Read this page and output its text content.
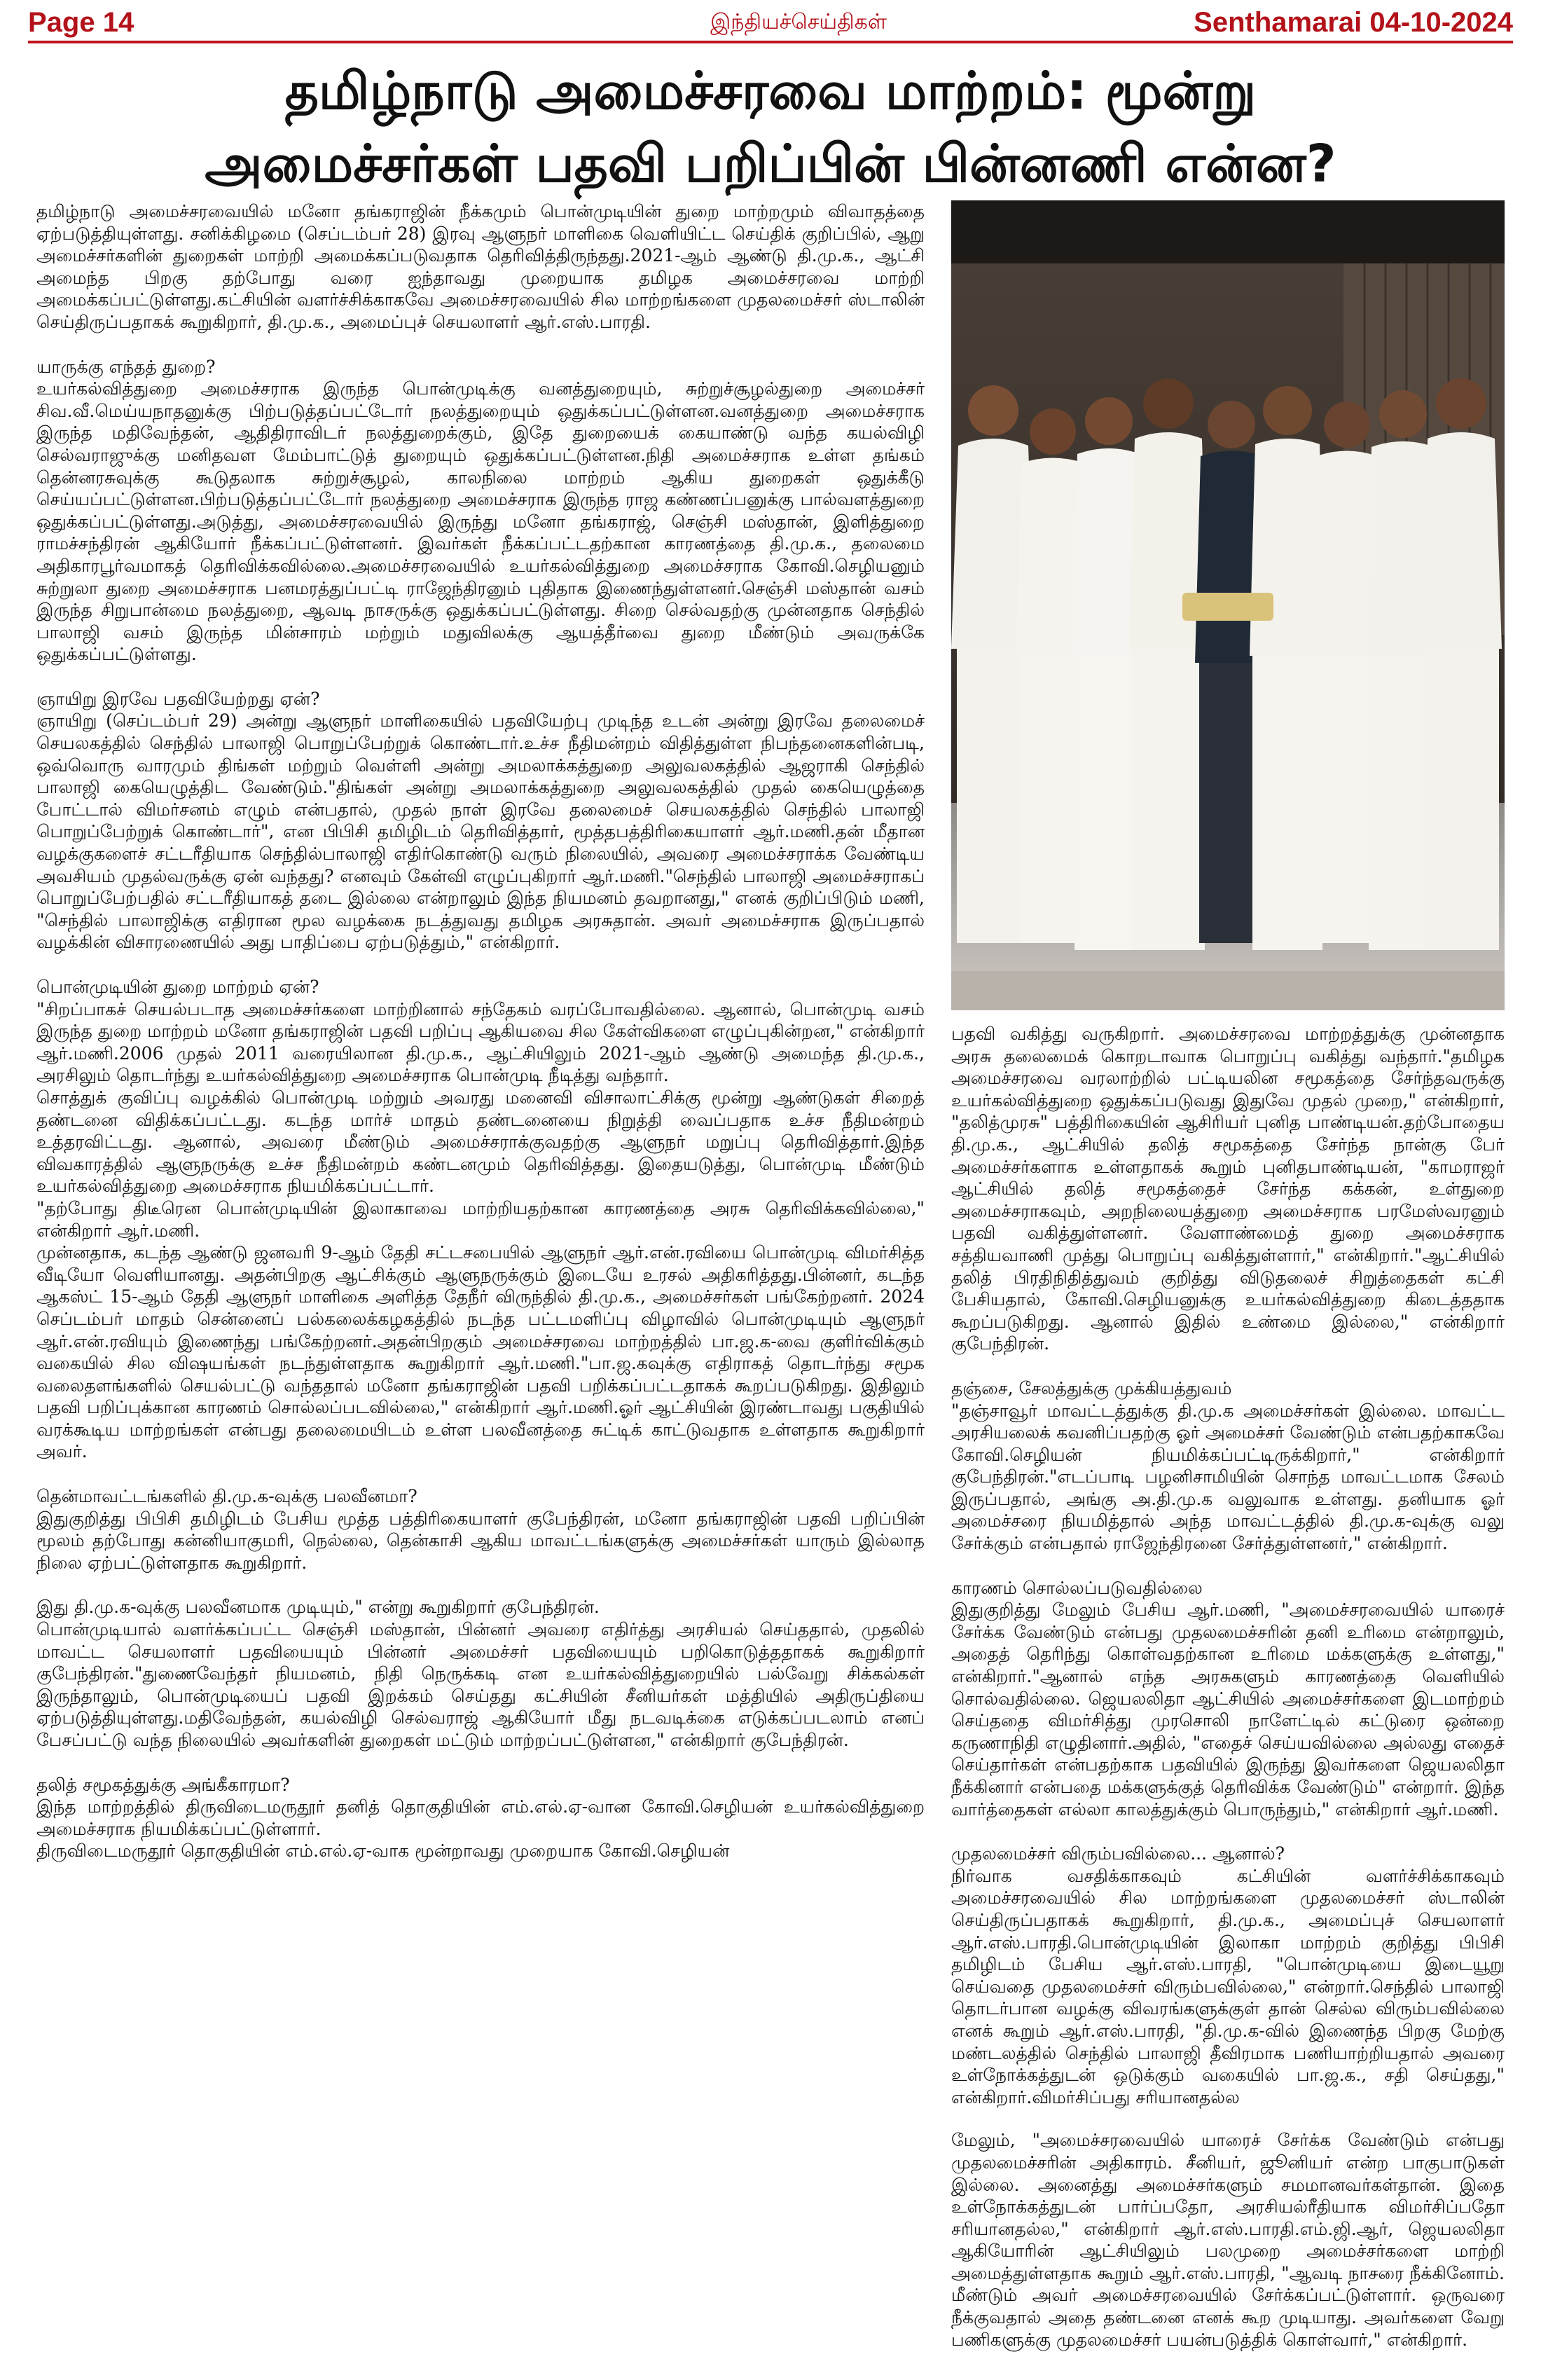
Page 14	இந்தியச்செய்திகள்	Senthamarai 04-10-2024
தமிழ்நாடு அமைச்சரவை மாற்றம்: மூன்று
அமைச்சர்கள் பதவி பறிப்பின் பின்னணி என்ன?

தமிழ்நாடு அமைச்சரவையில் மனோ தங்கராஜின் நீக்கமும் பொன்முடியின் துறை மாற்றமும் விவாதத்தை ஏற்படுத்தியுள்ளது. சனிக்கிழமை (செப்டம்பர் 28) இரவு ஆளுநர் மாளிகை வெளியிட்ட செய்திக் குறிப்பில், ஆறு அமைச்சர்களின் துறைகள் மாற்றி அமைக்கப்படுவதாக தெரிவித்திருந்தது.2021-ஆம் ஆண்டு தி.மு.க., ஆட்சி அமைந்த பிறகு தற்போது வரை ஐந்தாவது முறையாக தமிழக அமைச்சரவை மாற்றி அமைக்கப்பட்டுள்ளது.கட்சியின் வளர்ச்சிக்காகவே அமைச்சரவையில் சில மாற்றங்களை முதலமைச்சர் ஸ்டாலின் செய்திருப்பதாகக் கூறுகிறார், தி.மு.க., அமைப்புச் செயலாளர் ஆர்.எஸ்.பாரதி.

யாருக்கு எந்தத் துறை?

உயர்கல்வித்துறை அமைச்சராக இருந்த பொன்முடிக்கு வனத்துறையும், சுற்றுச்சூழல்துறை அமைச்சர் சிவ.வீ.மெய்யநாதனுக்கு பிற்படுத்தப்பட்டோர் நலத்துறையும் ஒதுக்கப்பட்டுள்ளன.வனத்துறை அமைச்சராக இருந்த மதிவேந்தன், ஆதிதிராவிடர் நலத்துறைக்கும், இதே துறையைக் கையாண்டு வந்த கயல்விழி செல்வராஜுக்கு மனிதவள மேம்பாட்டுத் துறையும் ஒதுக்கப்பட்டுள்ளன.நிதி அமைச்சராக உள்ள தங்கம் தென்னரசுவுக்கு கூடுதலாக சுற்றுச்சூழல், காலநிலை மாற்றம் ஆகிய துறைகள் ஒதுக்கீடு செய்யப்பட்டுள்ளன.பிற்படுத்தப்பட்டோர் நலத்துறை அமைச்சராக இருந்த ராஜ கண்ணப்பனுக்கு பால்வளத்துறை ஒதுக்கப்பட்டுள்ளது.அடுத்து, அமைச்சரவையில் இருந்து மனோ தங்கராஜ், செஞ்சி மஸ்தான், இளித்துறை ராமச்சந்திரன் ஆகியோர் நீக்கப்பட்டுள்ளனர். இவர்கள் நீக்கப்பட்டதற்கான காரணத்தை தி.மு.க., தலைமை அதிகாரபூர்வமாகத் தெரிவிக்கவில்லை.அமைச்சரவையில் உயர்கல்வித்துறை அமைச்சராக கோவி.செழியனும் சுற்றுலா துறை அமைச்சராக பனமரத்துப்பட்டி ராஜேந்திரனும் புதிதாக இணைந்துள்ளனர்.செஞ்சி மஸ்தான் வசம் இருந்த சிறுபான்மை நலத்துறை, ஆவடி நாசருக்கு ஒதுக்கப்பட்டுள்ளது. சிறை செல்வதற்கு முன்னதாக செந்தில் பாலாஜி வசம் இருந்த மின்சாரம் மற்றும் மதுவிலக்கு ஆயத்தீர்வை துறை மீண்டும் அவருக்கே ஒதுக்கப்பட்டுள்ளது.

ஞாயிறு இரவே பதவியேற்றது ஏன்?

ஞாயிறு (செப்டம்பர் 29) அன்று ஆளுநர் மாளிகையில் பதவியேற்பு முடிந்த உடன் அன்று இரவே தலைமைச் செயலகத்தில் செந்தில் பாலாஜி பொறுப்பேற்றுக் கொண்டார்.உச்ச நீதிமன்றம் விதித்துள்ள நிபந்தனைகளின்படி, ஒவ்வொரு வாரமும் திங்கள் மற்றும் வெள்ளி அன்று அமலாக்கத்துறை அலுவலகத்தில் ஆஜராகி செந்தில் பாலாஜி கையெழுத்திட வேண்டும்."திங்கள் அன்று அமலாக்கத்துறை அலுவலகத்தில் முதல் கையெழுத்தை போட்டால் விமர்சனம் எழும் என்பதால், முதல் நாள் இரவே தலைமைச் செயலகத்தில் செந்தில் பாலாஜி பொறுப்பேற்றுக் கொண்டார்", என பிபிசி தமிழிடம் தெரிவித்தார், மூத்தபத்திரிகையாளர் ஆர்.மணி.தன் மீதான வழக்குகளைச் சட்டரீதியாக செந்தில்பாலாஜி எதிர்கொண்டு வரும் நிலையில், அவரை அமைச்சராக்க வேண்டிய அவசியம் முதல்வருக்கு ஏன் வந்தது? எனவும் கேள்வி எழுப்புகிறார் ஆர்.மணி."செந்தில் பாலாஜி அமைச்சராகப் பொறுப்பேற்பதில் சட்டரீதியாகத் தடை இல்லை என்றாலும் இந்த நியமனம் தவறானது," எனக் குறிப்பிடும் மணி, "செந்தில் பாலாஜிக்கு எதிரான மூல வழக்கை நடத்துவது தமிழக அரசுதான். அவர் அமைச்சராக இருப்பதால் வழக்கின் விசாரணையில் அது பாதிப்பை ஏற்படுத்தும்," என்கிறார்.

பொன்முடியின் துறை மாற்றம் ஏன்?

"சிறப்பாகச் செயல்படாத அமைச்சர்களை மாற்றினால் சந்தேகம் வரப்போவதில்லை. ஆனால், பொன்முடி வசம் இருந்த துறை மாற்றம் மனோ தங்கராஜின் பதவி பறிப்பு ஆகியவை சில கேள்விகளை எழுப்புகின்றன," என்கிறார் ஆர்.மணி.2006 முதல் 2011 வரையிலான தி.மு.க., ஆட்சியிலும் 2021-ஆம் ஆண்டு அமைந்த தி.மு.க., அரசிலும் தொடர்ந்து உயர்கல்வித்துறை அமைச்சராக பொன்முடி நீடித்து வந்தார்.

சொத்துக் குவிப்பு வழக்கில் பொன்முடி மற்றும் அவரது மனைவி விசாலாட்சிக்கு மூன்று ஆண்டுகள் சிறைத் தண்டனை விதிக்கப்பட்டது. கடந்த மார்ச் மாதம் தண்டனையை நிறுத்தி வைப்பதாக உச்ச நீதிமன்றம் உத்தரவிட்டது. ஆனால், அவரை மீண்டும் அமைச்சராக்குவதற்கு ஆளுநர் மறுப்பு தெரிவித்தார்.இந்த விவகாரத்தில் ஆளுநருக்கு உச்ச நீதிமன்றம் கண்டனமும் தெரிவித்தது. இதையடுத்து, பொன்முடி மீண்டும் உயர்கல்வித்துறை அமைச்சராக நியமிக்கப்பட்டார்.

"தற்போது திடீரென பொன்முடியின் இலாகாவை மாற்றியதற்கான காரணத்தை அரசு தெரிவிக்கவில்லை," என்கிறார் ஆர்.மணி.

முன்னதாக, கடந்த ஆண்டு ஜனவரி 9-ஆம் தேதி சட்டசபையில் ஆளுநர் ஆர்.என்.ரவியை பொன்முடி விமர்சித்த வீடியோ வெளியானது. அதன்பிறகு ஆட்சிக்கும் ஆளுநருக்கும் இடையே உரசல் அதிகரித்தது.பின்னர், கடந்த ஆகஸ்ட் 15-ஆம் தேதி ஆளுநர் மாளிகை அளித்த தேநீர் விருந்தில் தி.மு.க., அமைச்சர்கள் பங்கேற்றனர். 2024 செப்டம்பர் மாதம் சென்னைப் பல்கலைக்கழகத்தில் நடந்த பட்டமளிப்பு விழாவில் பொன்முடியும் ஆளுநர் ஆர்.என்.ரவியும் இணைந்து பங்கேற்றனர்.அதன்பிறகும் அமைச்சரவை மாற்றத்தில் பா.ஜ.க-வை குளிர்விக்கும் வகையில் சில விஷயங்கள் நடந்துள்ளதாக கூறுகிறார் ஆர்.மணி."பா.ஜ.கவுக்கு எதிராகத் தொடர்ந்து சமூக வலைதளங்களில் செயல்பட்டு வந்ததால் மனோ தங்கராஜின் பதவி பறிக்கப்பட்டதாகக் கூறப்படுகிறது. இதிலும் பதவி பறிப்புக்கான காரணம் சொல்லப்படவில்லை," என்கிறார் ஆர்.மணி.ஓர் ஆட்சியின் இரண்டாவது பகுதியில் வரக்கூடிய மாற்றங்கள் என்பது தலைமையிடம் உள்ள பலவீனத்தை சுட்டிக் காட்டுவதாக உள்ளதாக கூறுகிறார் அவர்.

தென்மாவட்டங்களில் தி.மு.க-வுக்கு பலவீனமா?

இதுகுறித்து பிபிசி தமிழிடம் பேசிய மூத்த பத்திரிகையாளர் குபேந்திரன், மனோ தங்கராஜின் பதவி பறிப்பின் மூலம் தற்போது கன்னியாகுமரி, நெல்லை, தென்காசி ஆகிய மாவட்டங்களுக்கு அமைச்சர்கள் யாரும் இல்லாத நிலை ஏற்பட்டுள்ளதாக கூறுகிறார்.

இது தி.மு.க-வுக்கு பலவீனமாக முடியும்," என்று கூறுகிறார் குபேந்திரன்.

பொன்முடியால் வளர்க்கப்பட்ட செஞ்சி மஸ்தான், பின்னர் அவரை எதிர்த்து அரசியல் செய்ததால், முதலில் மாவட்ட செயலாளர் பதவியையும் பின்னர் அமைச்சர் பதவியையும் பறிகொடுத்ததாகக் கூறுகிறார் குபேந்திரன்."துணைவேந்தர் நியமனம், நிதி நெருக்கடி என உயர்கல்வித்துறையில் பல்வேறு சிக்கல்கள் இருந்தாலும், பொன்முடியைப் பதவி இறக்கம் செய்தது கட்சியின் சீனியர்கள் மத்தியில் அதிருப்தியை ஏற்படுத்தியுள்ளது.மதிவேந்தன், கயல்விழி செல்வராஜ் ஆகியோர் மீது நடவடிக்கை எடுக்கப்படலாம் எனப் பேசப்பட்டு வந்த நிலையில் அவர்களின் துறைகள் மட்டும் மாற்றப்பட்டுள்ளன," என்கிறார் குபேந்திரன்.

தலித் சமூகத்துக்கு அங்கீகாரமா?

இந்த மாற்றத்தில் திருவிடைமருதூர் தனித் தொகுதியின் எம்.எல்.ஏ-வான கோவி.செழியன் உயர்கல்வித்துறை அமைச்சராக நியமிக்கப்பட்டுள்ளார்.

திருவிடைமருதூர் தொகுதியின் எம்.எல்.ஏ-வாக மூன்றாவது முறையாக கோவி.செழியன்

பதவி வகித்து வருகிறார். அமைச்சரவை மாற்றத்துக்கு முன்னதாக அரசு தலைமைக் கொறடாவாக பொறுப்பு வகித்து வந்தார்."தமிழக அமைச்சரவை வரலாற்றில் பட்டியலின சமூகத்தை சேர்ந்தவருக்கு உயர்கல்வித்துறை ஒதுக்கப்படுவது இதுவே முதல் முறை," என்கிறார், "தலித்முரசு" பத்திரிகையின் ஆசிரியர் புனித பாண்டியன்.தற்போதைய தி.மு.க., ஆட்சியில் தலித் சமூகத்தை சேர்ந்த நான்கு பேர் அமைச்சர்களாக உள்ளதாகக் கூறும் புனிதபாண்டியன், "காமராஜர் ஆட்சியில் தலித் சமூகத்தைச் சேர்ந்த கக்கன், உள்துறை அமைச்சராகவும், அறநிலையத்துறை அமைச்சராக பரமேஸ்வரனும் பதவி வகித்துள்ளனர். வேளாண்மைத் துறை அமைச்சராக சத்தியவாணி முத்து பொறுப்பு வகித்துள்ளார்," என்கிறார்."ஆட்சியில் தலித் பிரதிநிதித்துவம் குறித்து விடுதலைச் சிறுத்தைகள் கட்சி பேசியதால், கோவி.செழியனுக்கு உயர்கல்வித்துறை கிடைத்ததாக கூறப்படுகிறது. ஆனால் இதில் உண்மை இல்லை," என்கிறார் குபேந்திரன்.

தஞ்சை, சேலத்துக்கு முக்கியத்துவம்

"தஞ்சாவூர் மாவட்டத்துக்கு தி.மு.க அமைச்சர்கள் இல்லை. மாவட்ட அரசியலைக் கவனிப்பதற்கு ஓர் அமைச்சர் வேண்டும் என்பதற்காகவே கோவி.செழியன் நியமிக்கப்பட்டிருக்கிறார்," என்கிறார் குபேந்திரன்."எடப்பாடி பழனிசாமியின் சொந்த மாவட்டமாக சேலம் இருப்பதால், அங்கு அ.தி.மு.க வலுவாக உள்ளது. தனியாக ஓர் அமைச்சரை நியமித்தால் அந்த மாவட்டத்தில் தி.மு.க-வுக்கு வலு சேர்க்கும் என்பதால் ராஜேந்திரனை சேர்த்துள்ளனர்," என்கிறார்.

காரணம் சொல்லப்படுவதில்லை

இதுகுறித்து மேலும் பேசிய ஆர்.மணி, "அமைச்சரவையில் யாரைச் சேர்க்க வேண்டும் என்பது முதலமைச்சரின் தனி உரிமை என்றாலும், அதைத் தெரிந்து கொள்வதற்கான உரிமை மக்களுக்கு உள்ளது," என்கிறார்."ஆனால் எந்த அரசுகளும் காரணத்தை வெளியில் சொல்வதில்லை. ஜெயலலிதா ஆட்சியில் அமைச்சர்களை இடமாற்றம் செய்ததை விமர்சித்து முரசொலி நாளேட்டில் கட்டுரை ஒன்றை கருணாநிதி எழுதினார்.அதில், "எதைச் செய்யவில்லை அல்லது எதைச் செய்தார்கள் என்பதற்காக பதவியில் இருந்து இவர்களை ஜெயலலிதா நீக்கினார் என்பதை மக்களுக்குத் தெரிவிக்க வேண்டும்" என்றார். இந்த வார்த்தைகள் எல்லா காலத்துக்கும் பொருந்தும்," என்கிறார் ஆர்.மணி.

முதலமைச்சர் விரும்பவில்லை... ஆனால்?

நிர்வாக வசதிக்காகவும் கட்சியின் வளர்ச்சிக்காகவும் அமைச்சரவையில் சில மாற்றங்களை முதலமைச்சர் ஸ்டாலின் செய்திருப்பதாகக் கூறுகிறார், தி.மு.க., அமைப்புச் செயலாளர் ஆர்.எஸ்.பாரதி.பொன்முடியின் இலாகா மாற்றம் குறித்து பிபிசி தமிழிடம் பேசிய ஆர்.எஸ்.பாரதி, "பொன்முடியை இடையூறு செய்வதை முதலமைச்சர் விரும்பவில்லை," என்றார்.செந்தில் பாலாஜி தொடர்பான வழக்கு விவரங்களுக்குள் தான் செல்ல விரும்பவில்லை எனக் கூறும் ஆர்.எஸ்.பாரதி, "தி.மு.க-வில் இணைந்த பிறகு மேற்கு மண்டலத்தில் செந்தில் பாலாஜி தீவிரமாக பணியாற்றியதால் அவரை உள்நோக்கத்துடன் ஒடுக்கும் வகையில் பா.ஜ.க., சதி செய்தது," என்கிறார்.விமர்சிப்பது சரியானதல்ல

மேலும், "அமைச்சரவையில் யாரைச் சேர்க்க வேண்டும் என்பது முதலமைச்சரின் அதிகாரம். சீனியர், ஜூனியர் என்ற பாகுபாடுகள் இல்லை. அனைத்து அமைச்சர்களும் சமமானவர்கள்தான். இதை உள்நோக்கத்துடன் பார்ப்பதோ, அரசியல்ரீதியாக விமர்சிப்பதோ சரியானதல்ல," என்கிறார் ஆர்.எஸ்.பாரதி.எம்.ஜி.ஆர், ஜெயலலிதா ஆகியோரின் ஆட்சியிலும் பலமுறை அமைச்சர்களை மாற்றி அமைத்துள்ளதாக கூறும் ஆர்.எஸ்.பாரதி, "ஆவடி நாசரை நீக்கினோம். மீண்டும் அவர் அமைச்சரவையில் சேர்க்கப்பட்டுள்ளார். ஒருவரை நீக்குவதால் அதை தண்டனை எனக் கூற முடியாது. அவர்களை வேறு பணிகளுக்கு முதலமைச்சர் பயன்படுத்திக் கொள்வார்," என்கிறார்.
